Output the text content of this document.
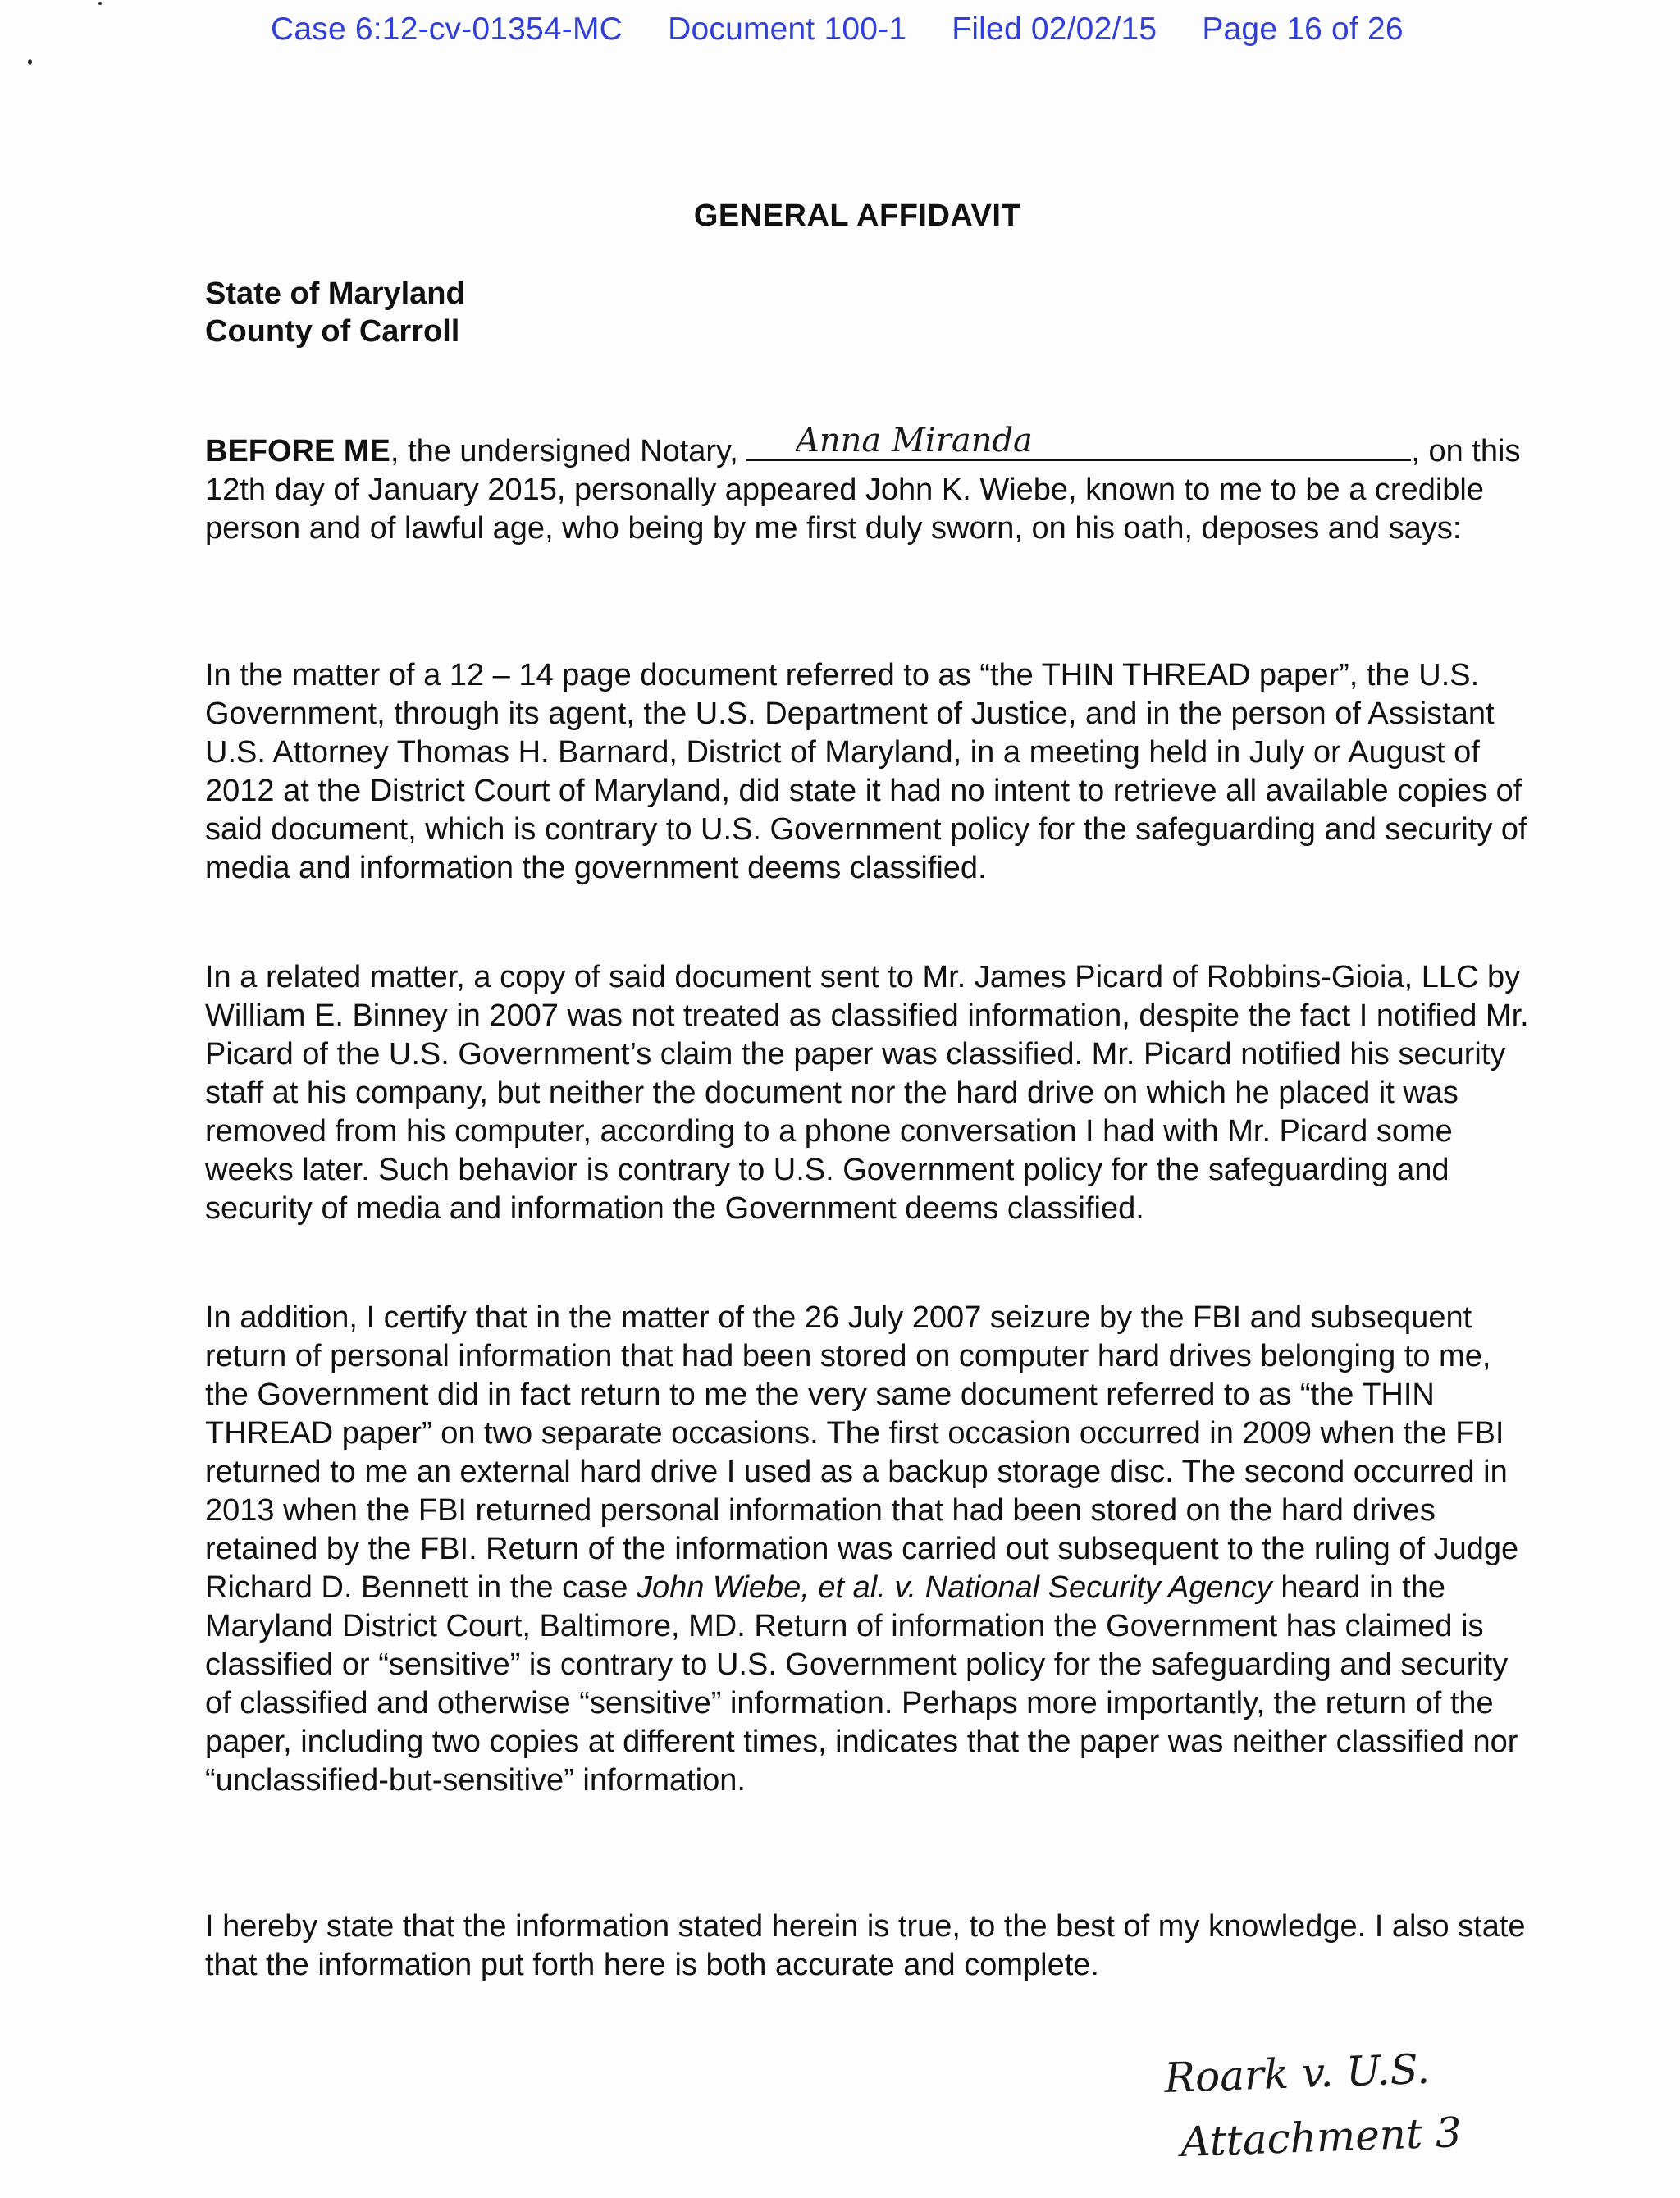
Case 6:12-cv-01354-MC Document 100-1 Filed 02/02/15 Page 16 of 26
GENERAL AFFIDAVIT
State of Maryland
County of Carroll

BEFORE ME, the undersigned Notary, Anna Miranda	, on this 12th day of January 2015, personally appeared John K. Wiebe, known to me to be a credible person and of lawful age, who being by me first duly sworn, on his oath, deposes and says:

In the matter of a 12 – 14 page document referred to as “the THIN THREAD paper”, the U.S. Government, through its agent, the U.S. Department of Justice, and in the person of Assistant U.S. Attorney Thomas H. Barnard, District of Maryland, in a meeting held in July or August of 2012 at the District Court of Maryland, did state it had no intent to retrieve all available copies of said document, which is contrary to U.S. Government policy for the safeguarding and security of media and information the government deems classified.

In a related matter, a copy of said document sent to Mr. James Picard of Robbins-Gioia, LLC by William E. Binney in 2007 was not treated as classified information, despite the fact I notified Mr. Picard of the U.S. Government’s claim the paper was classified. Mr. Picard notified his security staff at his company, but neither the document nor the hard drive on which he placed it was removed from his computer, according to a phone conversation I had with Mr. Picard some weeks later. Such behavior is contrary to U.S. Government policy for the safeguarding and security of media and information the Government deems classified.

In addition, I certify that in the matter of the 26 July 2007 seizure by the FBI and subsequent return of personal information that had been stored on computer hard drives belonging to me, the Government did in fact return to me the very same document referred to as “the THIN THREAD paper” on two separate occasions. The first occasion occurred in 2009 when the FBI returned to me an external hard drive I used as a backup storage disc. The second occurred in 2013 when the FBI returned personal information that had been stored on the hard drives retained by the FBI. Return of the information was carried out subsequent to the ruling of Judge Richard D. Bennett in the case John Wiebe, et al. v. National Security Agency heard in the Maryland District Court, Baltimore, MD. Return of information the Government has claimed is classified or “sensitive” is contrary to U.S. Government policy for the safeguarding and security of classified and otherwise “sensitive” information. Perhaps more importantly, the return of the paper, including two copies at different times, indicates that the paper was neither classified nor “unclassified-but-sensitive” information.

I hereby state that the information stated herein is true, to the best of my knowledge. I also state that the information put forth here is both accurate and complete.

Roark v. U.S.
Attachment 3
